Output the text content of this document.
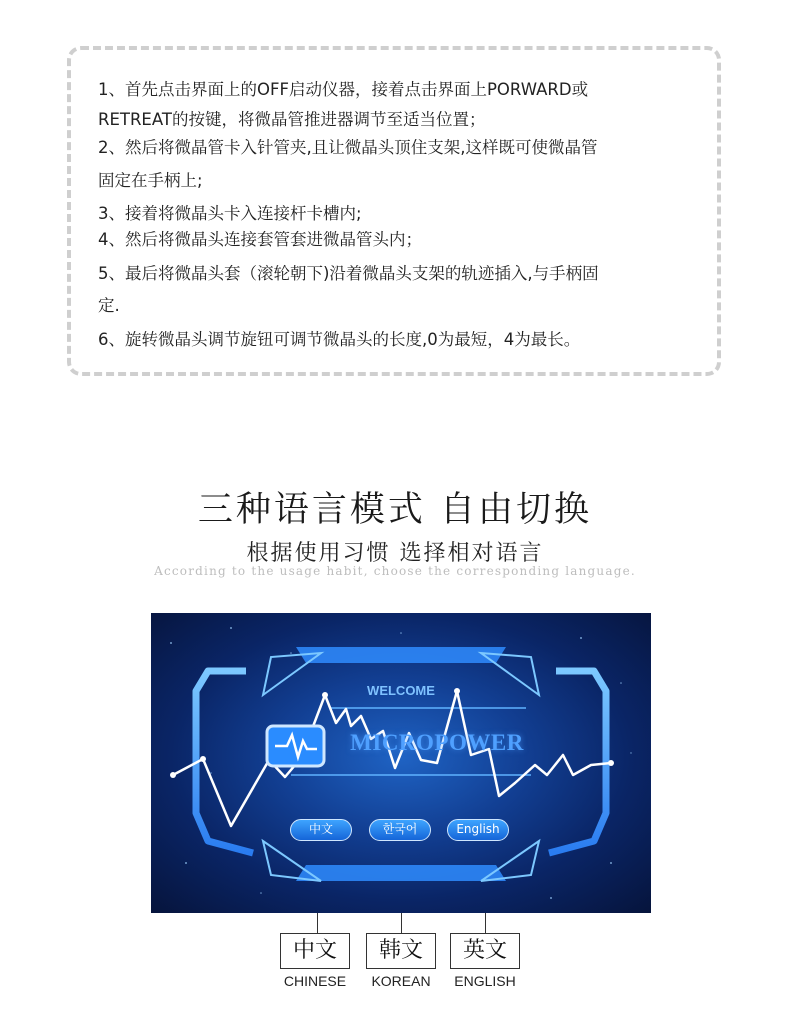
1、首先点击界面上的OFF启动仪器，接着点击界面上PORWARD或
RETREAT的按键，将微晶管推进器调节至适当位置；
2、然后将微晶管卡入针管夹,且让微晶头顶住支架,这样既可使微晶管
固定在手柄上;
3、接着将微晶头卡入连接杆卡槽内;
4、然后将微晶头连接套管套进微晶管头内；
5、最后将微晶头套（滚轮朝下)沿着微晶头支架的轨迹插入,与手柄固
定.
6、旋转微晶头调节旋钮可调节微晶头的长度,0为最短，4为最长。
三种语言模式 自由切换
根据使用习惯 选择相对语言
According to the usage habit, choose the corresponding language.
WELCOME
MICROPOWER
中文	한국어	English
中文	韩文	英文
CHINESE	KOREAN	ENGLISH
